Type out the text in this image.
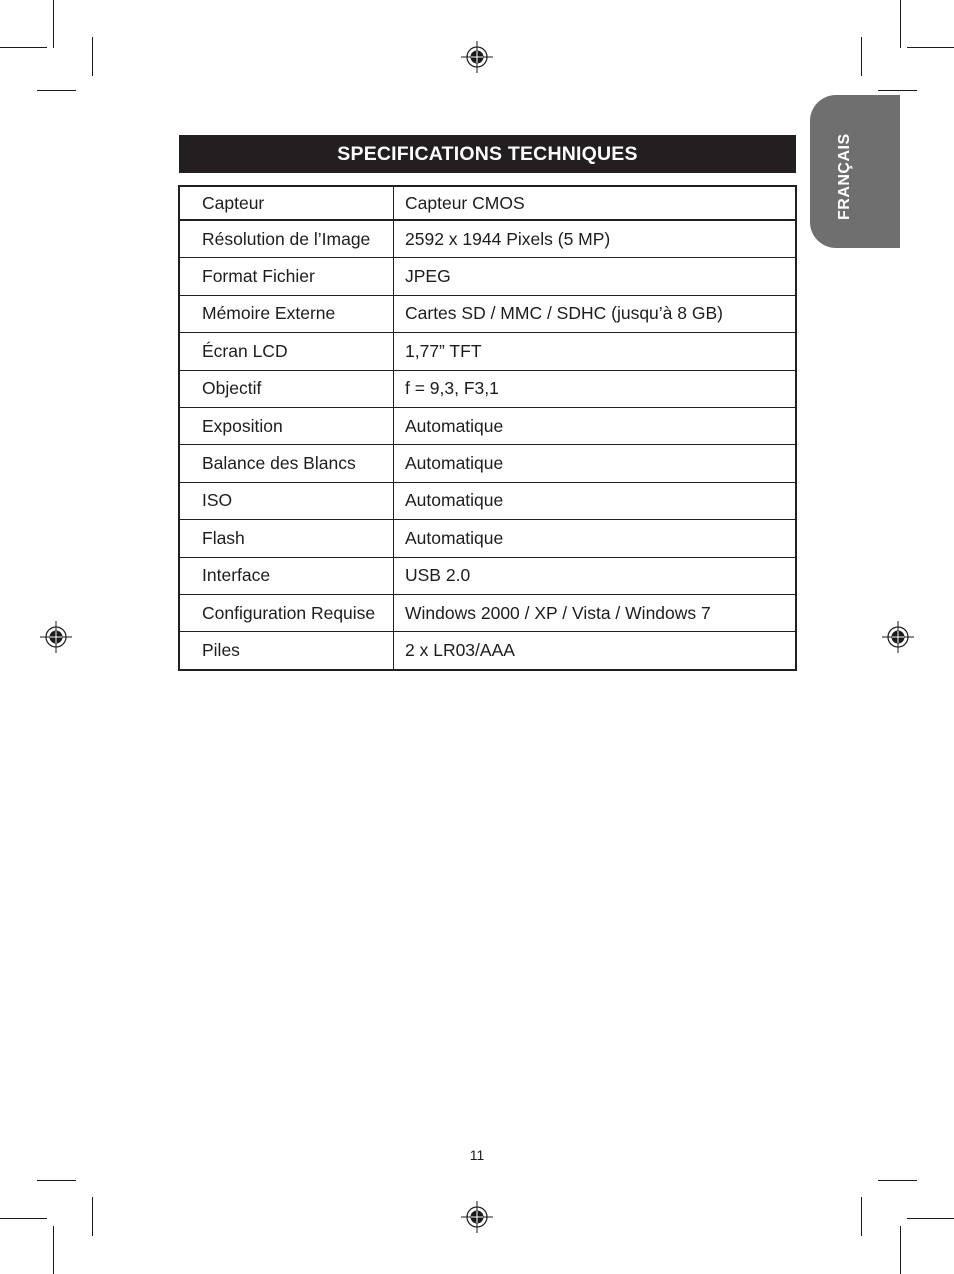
FRANÇAIS
SPECIFICATIONS TECHNIQUES
Capteur	Capteur CMOS
Résolution de l’Image	2592 x 1944 Pixels (5 MP)
Format Fichier	JPEG
Mémoire Externe	Cartes SD / MMC / SDHC (jusqu’à 8 GB)
Écran LCD	1,77” TFT
Objectif	f = 9,3, F3,1
Exposition	Automatique
Balance des Blancs	Automatique
ISO	Automatique
Flash	Automatique
Interface	USB 2.0
Configuration Requise	Windows 2000 / XP / Vista / Windows 7
Piles	2 x LR03/AAA
11
